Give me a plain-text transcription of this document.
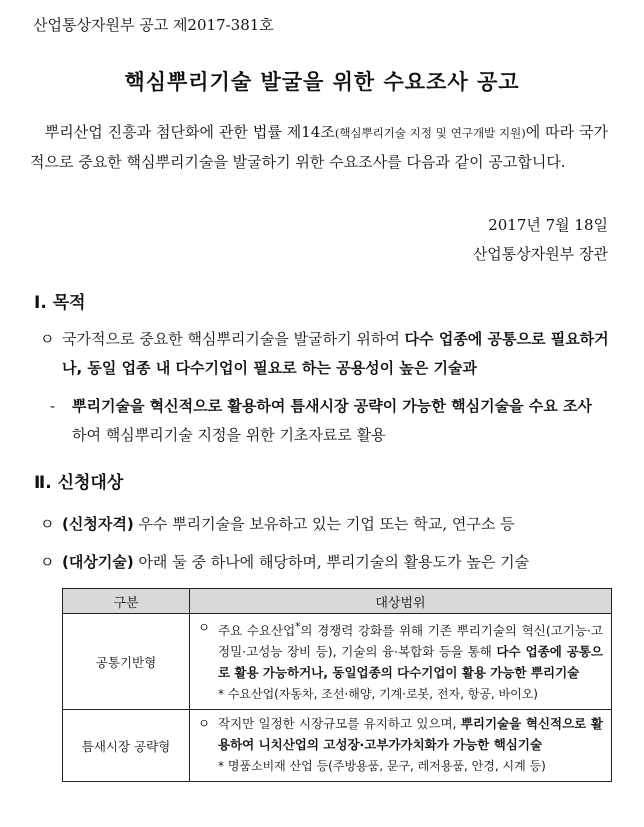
산업통상자원부 공고 제2017-381호
핵심뿌리기술 발굴을 위한 수요조사 공고
뿌리산업 진흥과 첨단화에 관한 법률 제14조(핵심뿌리기술 지정 및 연구개발 지원)에 따라 국가적으로 중요한 핵심뿌리기술을 발굴하기 위한 수요조사를 다음과 같이 공고합니다.
2017년 7월 18일
산업통상자원부 장관
Ⅰ. 목적
ㅇ 국가적으로 중요한 핵심뿌리기술을 발굴하기 위하여 다수 업종에 공통으로 필요하거나, 동일 업종 내 다수기업이 필요로 하는 공용성이 높은 기술과
- 뿌리기술을 혁신적으로 활용하여 틈새시장 공략이 가능한 핵심기술을 수요 조사 하여 핵심뿌리기술 지정을 위한 기초자료로 활용
Ⅱ. 신청대상
ㅇ (신청자격) 우수 뿌리기술을 보유하고 있는 기업 또는 학교, 연구소 등
ㅇ (대상기술) 아래 둘 중 하나에 해당하며, 뿌리기술의 활용도가 높은 기술
구분	대상범위
공통기반형	ㅇ 주요 수요산업*의 경쟁력 강화를 위해 기존 뿌리기술의 혁신(고기능·고정밀·고성능 장비 등), 기술의 융·복합화 등을 통해 다수 업종에 공통으로 활용 가능하거나, 동일업종의 다수기업이 활용 가능한 뿌리기술
* 수요산업(자동차, 조선·해양, 기계·로봇, 전자, 항공, 바이오)

틈새시장 공략형	ㅇ 작지만 일정한 시장규모를 유지하고 있으며, 뿌리기술을 혁신적으로 활용하여 니치산업의 고성장·고부가가치화가 가능한 핵심기술
* 명품소비재 산업 등(주방용품, 문구, 레저용품, 안경, 시계 등)
